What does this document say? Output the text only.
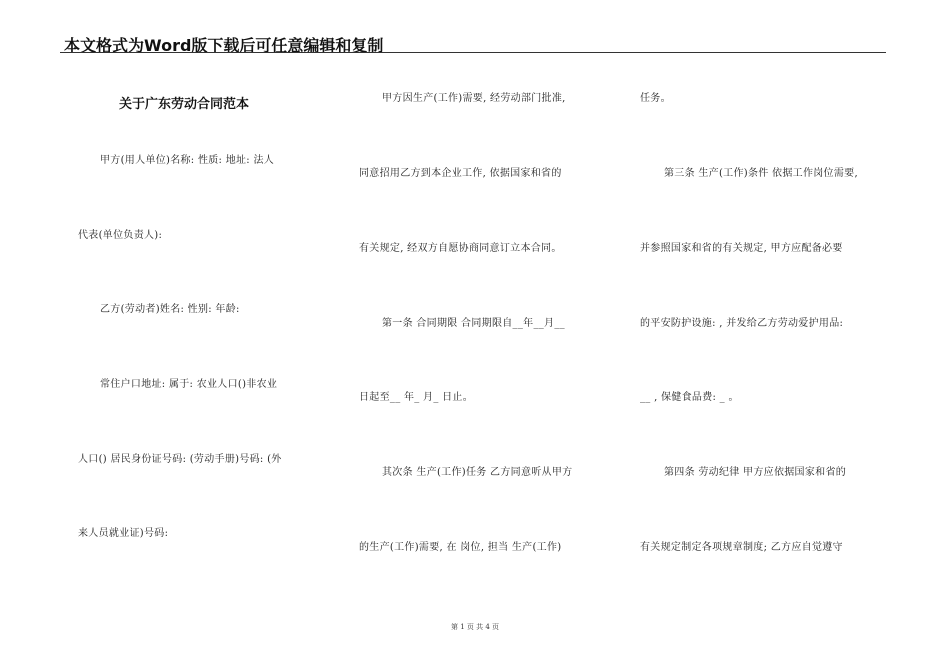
本文格式为Word版下载后可任意编辑和复制
关于广东劳动合同范本
甲方(用人单位)名称: 性质: 地址: 法人
代表(单位负责人):
乙方(劳动者)姓名: 性别: 年龄:
常住户口地址: 属于: 农业人口()非农业
人口() 居民身份证号码: (劳动手册)号码: (外
来人员就业证)号码:
甲方因生产(工作)需要, 经劳动部门批准,
同意招用乙方到本企业工作, 依据国家和省的
有关规定, 经双方自愿协商同意订立本合同。
第一条 合同期限 合同期限自__年__月__
日起至__ 年_ 月_ 日止。
其次条 生产(工作)任务 乙方同意听从甲方
的生产(工作)需要, 在 岗位, 担当 生产(工作)
任务。
第三条 生产(工作)条件 依据工作岗位需要,
并参照国家和省的有关规定, 甲方应配备必要
的平安防护设施: , 并发给乙方劳动爱护用品:
__ , 保健食品费: _ 。
第四条 劳动纪律 甲方应依据国家和省的
有关规定制定各项规章制度; 乙方应自觉遵守
第 1 页 共 4 页
